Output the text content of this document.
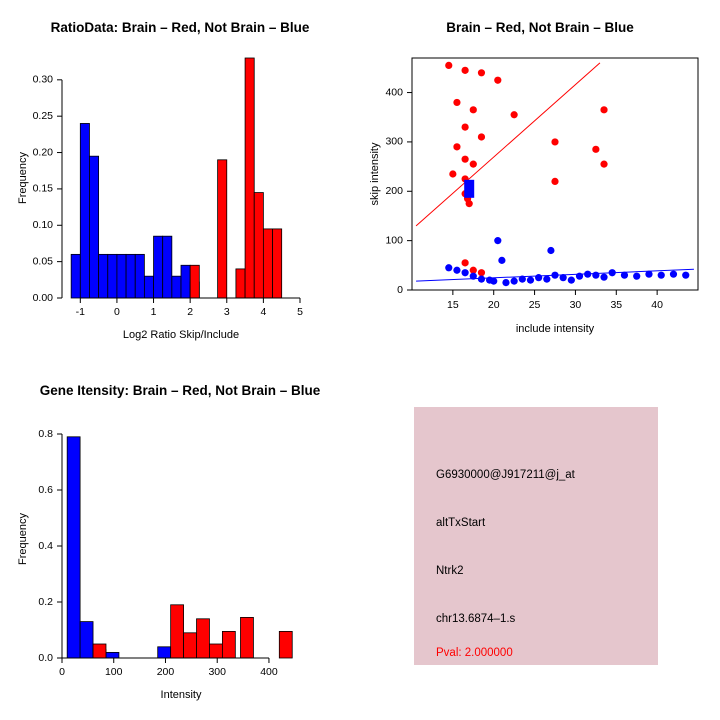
RatioData: Brain – Red, Not Brain – Blue
-1	0	1	2	3	4	5
0.00
0.05
0.10
0.15
0.20
0.25
0.30
Log2 Ratio Skip/Include
Frequency
Brain – Red, Not Brain – Blue
15	20	25	30	35	40
0
100
200
300
400
include intensity
skip intensity
Gene Itensity: Brain – Red, Not Brain – Blue
0	100	200	300	400
0.0
0.2
0.4
0.6
0.8
Intensity
Frequency
G6930000@J917211@j_at
altTxStart
Ntrk2
chr13.6874–1.s
Pval: 2.000000
